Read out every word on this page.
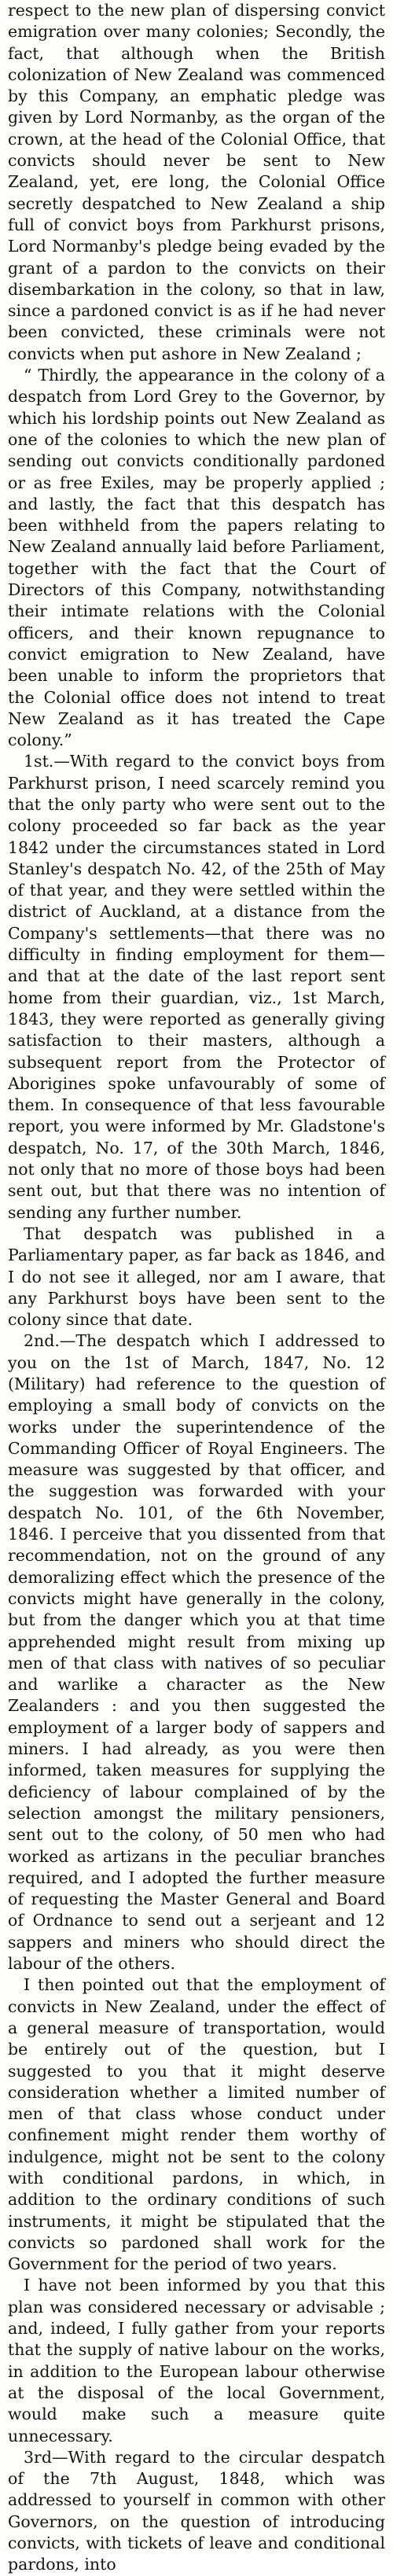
respect to the new plan of dispersing convict emigration over many colonies; Secondly, the fact, that although when the British colonization of New Zealand was commenced by this Company, an emphatic pledge was given by Lord Normanby, as the organ of the crown, at the head of the Colonial Office, that convicts should never be sent to New Zealand, yet, ere long, the Colonial Office secretly despatched to New Zealand a ship full of convict boys from Parkhurst prisons, Lord Normanby's pledge being evaded by the grant of a pardon to the convicts on their disembarkation in the colony, so that in law, since a pardoned convict is as if he had never been convicted, these criminals were not convicts when put ashore in New Zealand ;

“ Thirdly, the appearance in the colony of a despatch from Lord Grey to the Governor, by which his lordship points out New Zealand as one of the colonies to which the new plan of sending out convicts conditionally pardoned or as free Exiles, may be properly applied ; and lastly, the fact that this despatch has been withheld from the papers relating to New Zealand annually laid before Parliament, together with the fact that the Court of Directors of this Company, notwithstanding their intimate relations with the Colonial officers, and their known repugnance to convict emigration to New Zealand, have been unable to inform the proprietors that the Colonial office does not intend to treat New Zealand as it has treated the Cape colony.”

1st.—With regard to the convict boys from Parkhurst prison, I need scarcely remind you that the only party who were sent out to the colony proceeded so far back as the year 1842 under the circumstances stated in Lord Stanley's despatch No. 42, of the 25th of May of that year, and they were settled within the district of Auckland, at a distance from the Company's settlements—that there was no difficulty in finding employment for them—and that at the date of the last report sent home from their guardian, viz., 1st March, 1843, they were reported as generally giving satisfaction to their masters, although a subsequent report from the Protector of Aborigines spoke unfavourably of some of them. In consequence of that less favourable report, you were informed by Mr. Gladstone's despatch, No. 17, of the 30th March, 1846, not only that no more of those boys had been sent out, but that there was no intention of sending any further number.

That despatch was published in a Parliamentary paper, as far back as 1846, and I do not see it alleged, nor am I aware, that any Parkhurst boys have been sent to the colony since that date.

2nd.—The despatch which I addressed to you on the 1st of March, 1847, No. 12 (Military) had reference to the question of employing a small body of convicts on the works under the superintendence of the Commanding Officer of Royal Engineers. The measure was suggested by that officer, and the suggestion was forwarded with your despatch No. 101, of the 6th November, 1846. I perceive that you dissented from that recommendation, not on the ground of any demoralizing effect which the presence of the convicts might have generally in the colony, but from the danger which you at that time apprehended might result from mixing up men of that class with natives of so peculiar and warlike a character as the New Zealanders : and you then suggested the employment of a larger body of sappers and miners. I had already, as you were then informed, taken measures for supplying the deficiency of labour complained of by the selection amongst the military pensioners, sent out to the colony, of 50 men who had worked as artizans in the peculiar branches required, and I adopted the further measure of requesting the Master General and Board of Ordnance to send out a serjeant and 12 sappers and miners who should direct the labour of the others.

I then pointed out that the employment of convicts in New Zealand, under the effect of a general measure of transportation, would be entirely out of the question, but I suggested to you that it might deserve consideration whether a limited number of men of that class whose conduct under confinement might render them worthy of indulgence, might not be sent to the colony with conditional pardons, in which, in addition to the ordinary conditions of such instruments, it might be stipulated that the convicts so pardoned shall work for the Government for the period of two years.

I have not been informed by you that this plan was considered necessary or advisable ; and, indeed, I fully gather from your reports that the supply of native labour on the works, in addition to the European labour otherwise at the disposal of the local Government, would make such a measure quite unnecessary.

3rd—With regard to the circular despatch of the 7th August, 1848, which was addressed to yourself in common with other Governors, on the question of introducing convicts, with tickets of leave and conditional pardons, into
